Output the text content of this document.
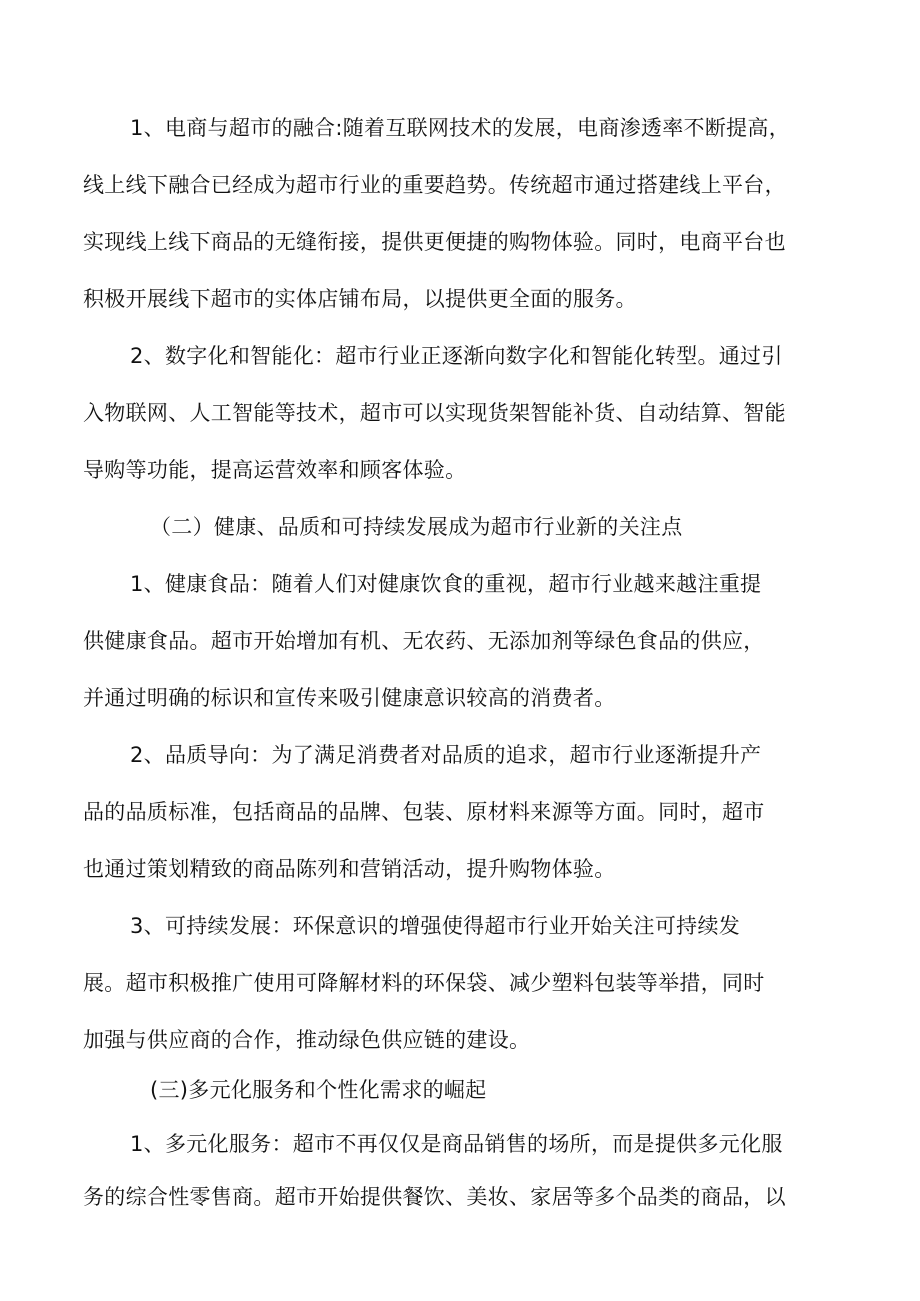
1、电商与超市的融合:随着互联网技术的发展，电商渗透率不断提高，
线上线下融合已经成为超市行业的重要趋势。传统超市通过搭建线上平台，
实现线上线下商品的无缝衔接，提供更便捷的购物体验。同时，电商平台也
积极开展线下超市的实体店铺布局，以提供更全面的服务。
2、数字化和智能化：超市行业正逐渐向数字化和智能化转型。通过引
入物联网、人工智能等技术，超市可以实现货架智能补货、自动结算、智能
导购等功能，提高运营效率和顾客体验。
（二）健康、品质和可持续发展成为超市行业新的关注点
1、健康食品：随着人们对健康饮食的重视，超市行业越来越注重提
供健康食品。超市开始增加有机、无农药、无添加剂等绿色食品的供应，
并通过明确的标识和宣传来吸引健康意识较高的消费者。
2、品质导向：为了满足消费者对品质的追求，超市行业逐渐提升产
品的品质标准，包括商品的品牌、包装、原材料来源等方面。同时，超市
也通过策划精致的商品陈列和营销活动，提升购物体验。
3、可持续发展：环保意识的增强使得超市行业开始关注可持续发
展。超市积极推广使用可降解材料的环保袋、减少塑料包装等举措，同时
加强与供应商的合作，推动绿色供应链的建设。
(三)多元化服务和个性化需求的崛起
1、多元化服务：超市不再仅仅是商品销售的场所，而是提供多元化服
务的综合性零售商。超市开始提供餐饮、美妆、家居等多个品类的商品，以
